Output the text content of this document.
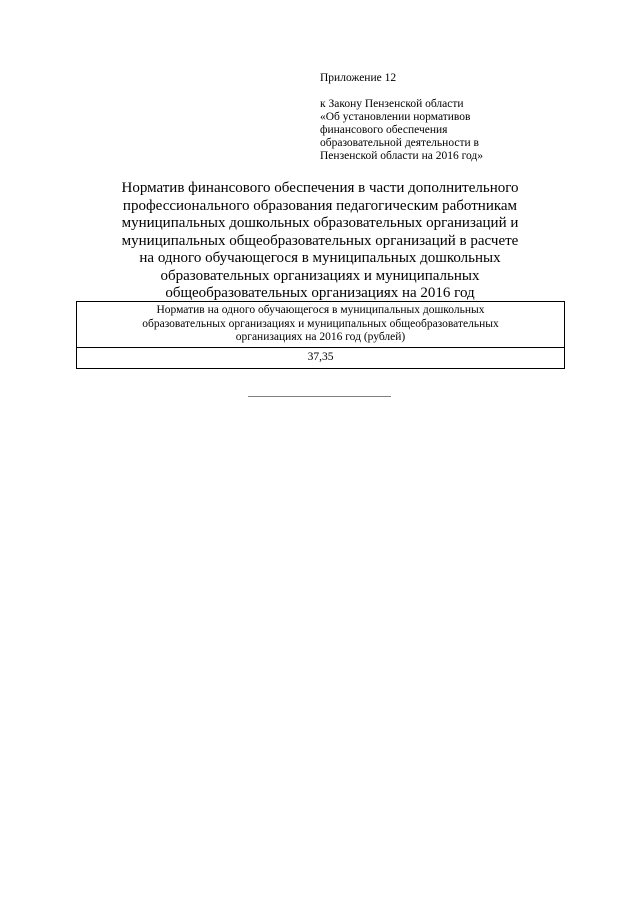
Приложение 12

к Закону Пензенской области
«Об установлении нормативов
финансового обеспечения
образовательной деятельности в
Пензенской области на 2016 год»

Норматив финансового обеспечения в части дополнительного
профессионального образования педагогическим работникам
муниципальных дошкольных образовательных организаций и
муниципальных общеобразовательных организаций в расчете
на одного обучающегося в муниципальных дошкольных
образовательных организациях и муниципальных
общеобразовательных организациях на 2016 год
Норматив на одного обучающегося в муниципальных дошкольных
образовательных организациях и муниципальных общеобразовательных
организациях на 2016 год (рублей)

37,35
